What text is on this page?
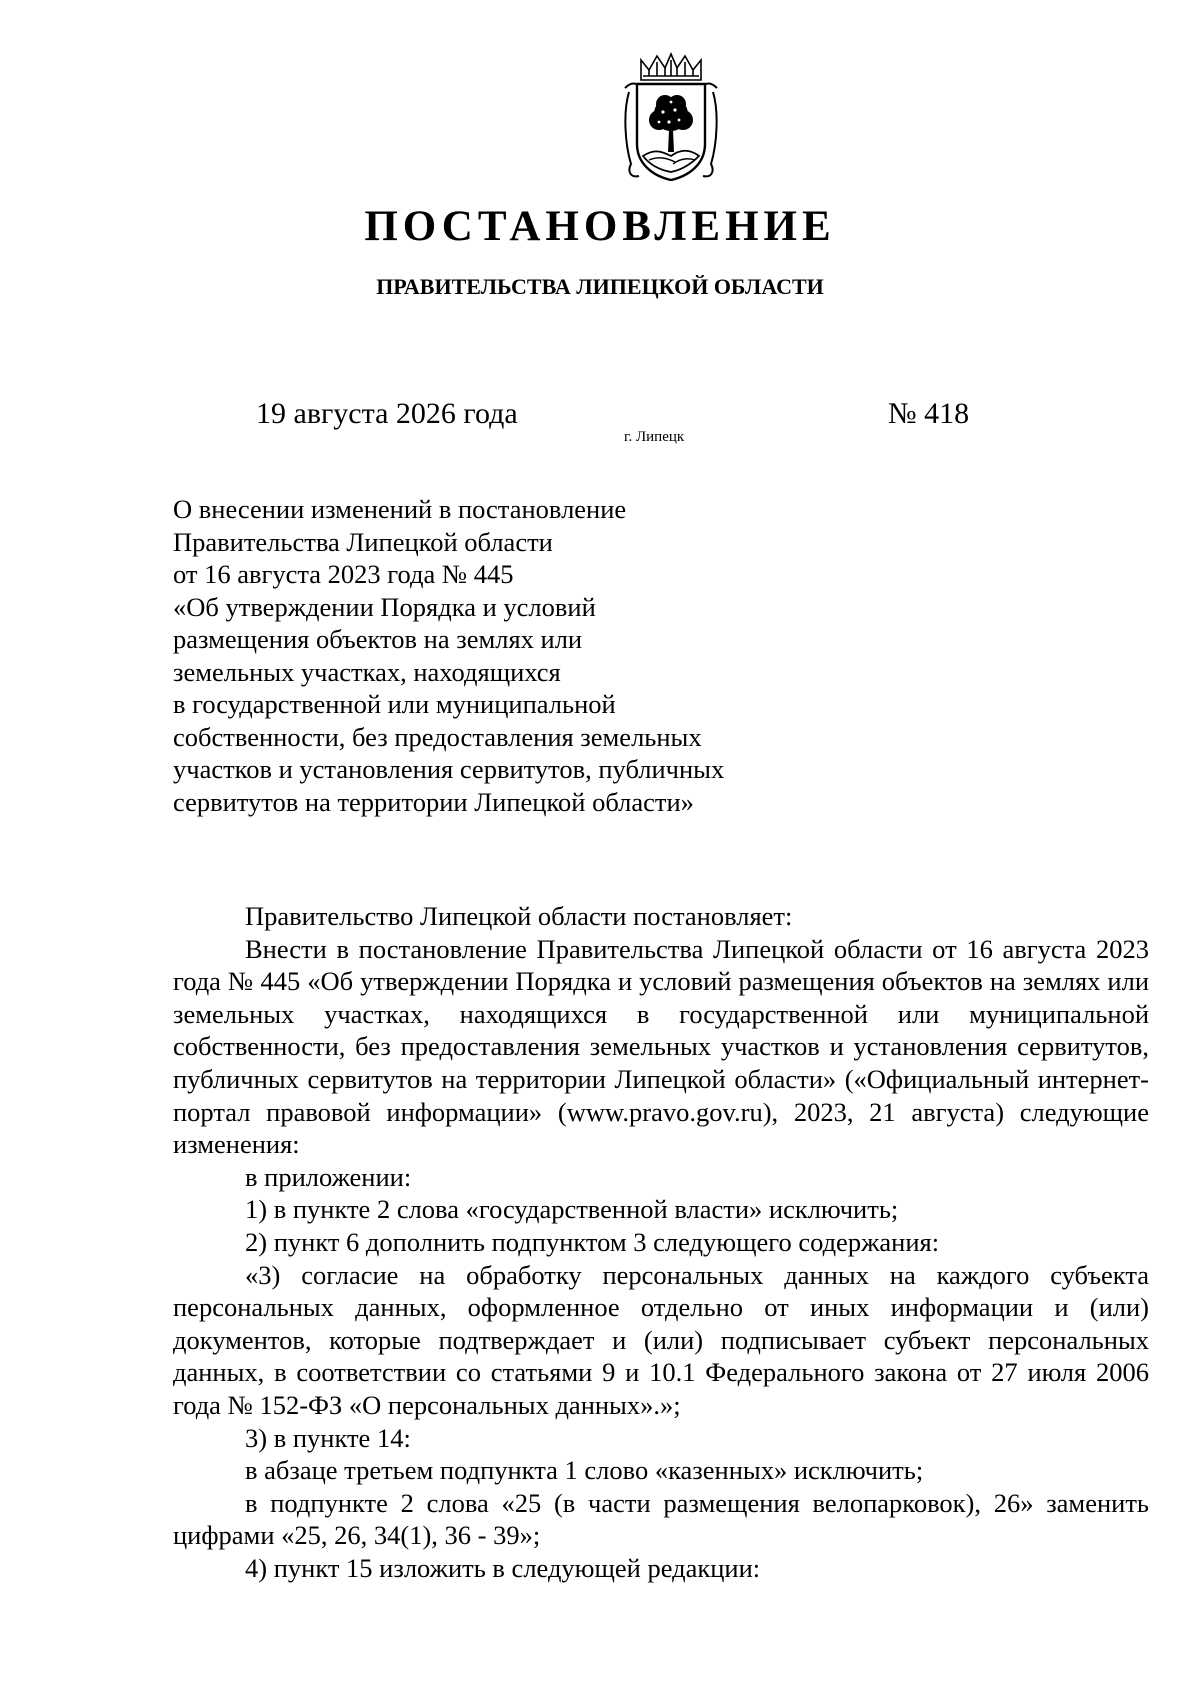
ПОСТАНОВЛЕНИЕ
ПРАВИТЕЛЬСТВА ЛИПЕЦКОЙ ОБЛАСТИ
19 августа 2026 года	№ 418
г. Липецк
О внесении изменений в постановление
Правительства Липецкой области
от 16 августа 2023 года № 445
«Об утверждении Порядка и условий
размещения объектов на землях или
земельных участках, находящихся
в государственной или муниципальной
собственности, без предоставления земельных
участков и установления сервитутов, публичных
сервитутов на территории Липецкой области»

Правительство Липецкой области постановляет:

Внести в постановление Правительства Липецкой области от 16 августа 2023 года № 445 «Об утверждении Порядка и условий размещения объектов на землях или земельных участках, находящихся в государственной или муниципальной собственности, без предоставления земельных участков и установления сервитутов, публичных сервитутов на территории Липецкой области» («Официальный интернет-портал правовой информации» (www.pravo.gov.ru), 2023, 21 августа) следующие изменения:

в приложении:

1) в пункте 2 слова «государственной власти» исключить;

2) пункт 6 дополнить подпунктом 3 следующего содержания:

«3) согласие на обработку персональных данных на каждого субъекта персональных данных, оформленное отдельно от иных информации и (или) документов, которые подтверждает и (или) подписывает субъект персональных данных, в соответствии со статьями 9 и 10.1 Федерального закона от 27 июля 2006 года № 152-ФЗ «О персональных данных».»;

3) в пункте 14:

в абзаце третьем подпункта 1 слово «казенных» исключить;

в подпункте 2 слова «25 (в части размещения велопарковок), 26» заменить цифрами «25, 26, 34(1), 36 - 39»;

4) пункт 15 изложить в следующей редакции:
